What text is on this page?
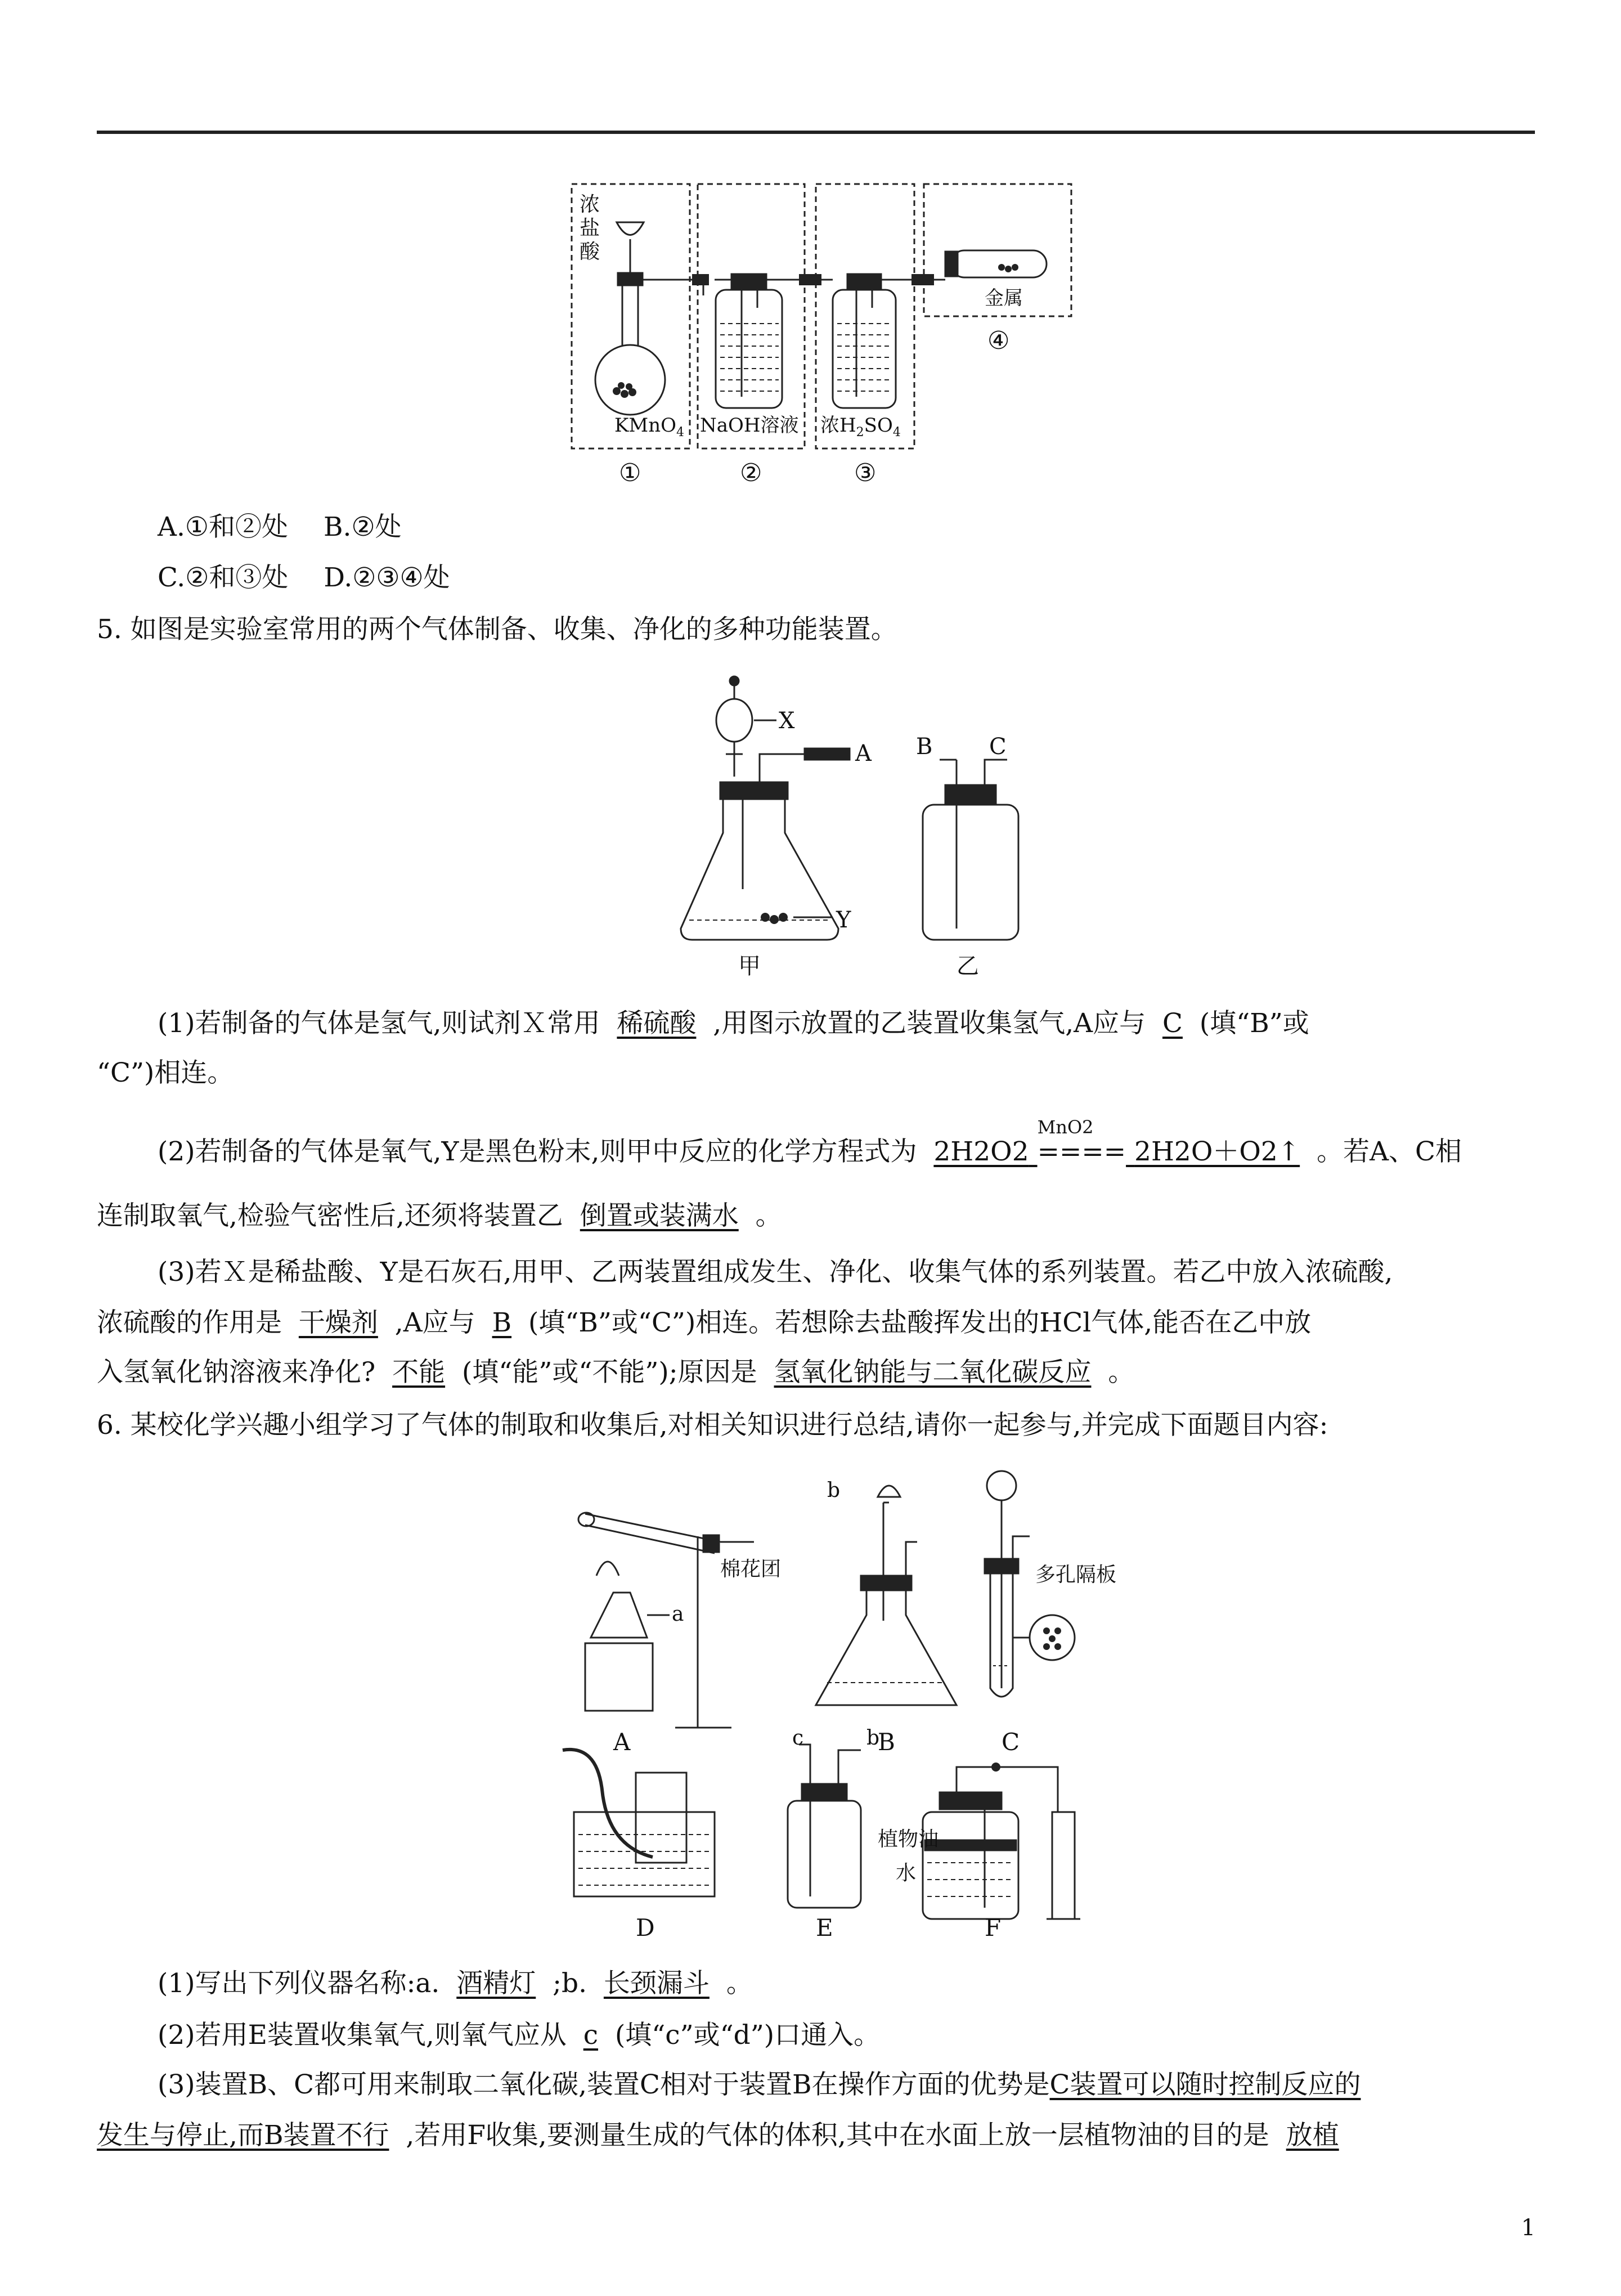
浓
盐
酸
KMnO$_4$ NaOH溶液 浓$H_2SO_4$
金属
①	②	③
④
A.①和②处 B.②处
C.②和③处 D.②③④处
5. 如图是实验室常用的两个气体制备、收集、净化的多种功能装置。
X
A
Y
B	C
甲	乙
(1)若制备的气体是氢气,则试剂Ｘ常用 稀硫酸 ,用图示放置的乙装置收集氢气,A应与 C (填“B”或
“C”)相连。
(2)若制备的气体是氧气,Y是黑色粉末,则甲中反应的化学方程式为 2H2O2
MnO2
==== 2H2O＋O2↑ 。若A、C相
连制取氧气,检验气密性后,还须将装置乙 倒置或装满水 。
(3)若Ｘ是稀盐酸、Y是石灰石,用甲、乙两装置组成发生、净化、收集气体的系列装置。若乙中放入浓硫酸,
浓硫酸的作用是 干燥剂 ,A应与 B (填“B”或“C”)相连。若想除去盐酸挥发出的HCl气体,能否在乙中放
入氢氧化钠溶液来净化? 不能 (填“能”或“不能”);原因是 氢氧化钠能与二氧化碳反应 。
6. 某校化学兴趣小组学习了气体的制取和收集后,对相关知识进行总结,请你一起参与,并完成下面题目内容:
棉花团
a
b
多孔隔板
c	b
植物油
水
A	B	C
D	E	F
(1)写出下列仪器名称:a. 酒精灯 ;b. 长颈漏斗 。
(2)若用E装置收集氧气,则氧气应从 c (填“c”或“d”)口通入。
(3)装置B、C都可用来制取二氧化碳,装置C相对于装置B在操作方面的优势是C装置可以随时控制反应的
发生与停止,而B装置不行 ,若用F收集,要测量生成的气体的体积,其中在水面上放一层植物油的目的是 放植
1
